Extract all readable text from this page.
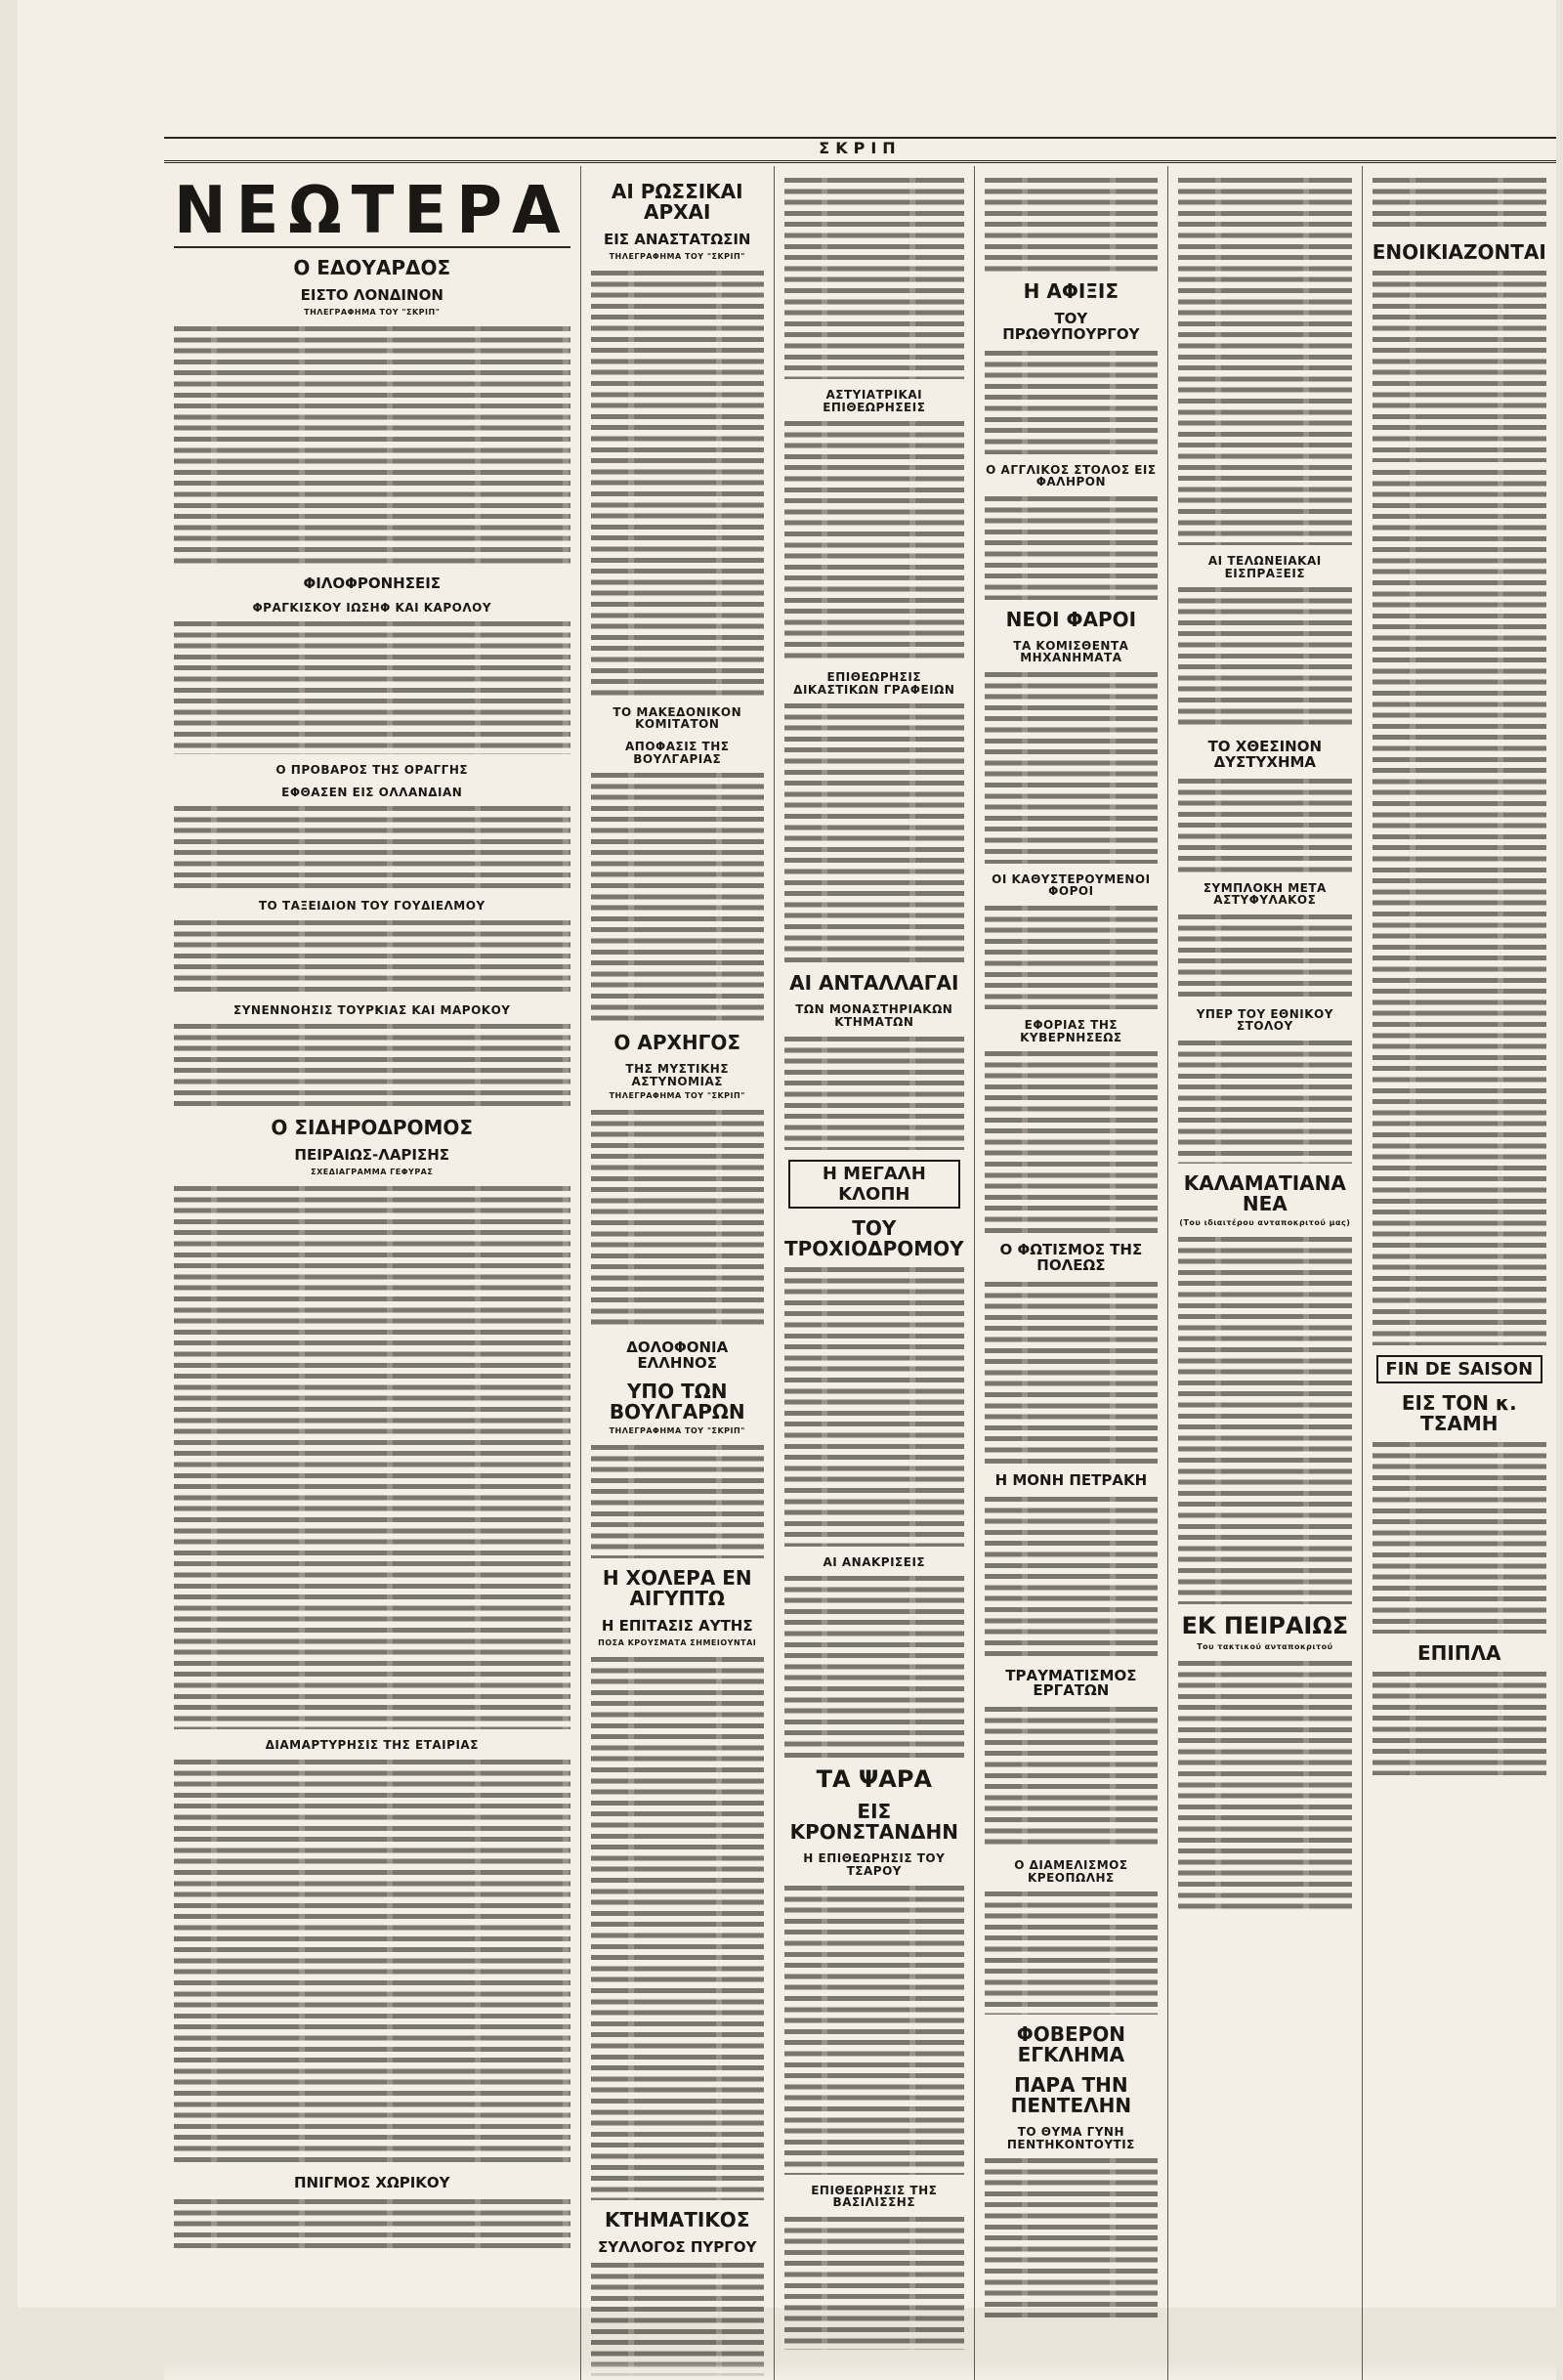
ΣΚΡΙΠ
ΝΕΩΤΕΡΑ
Ο ΕΔΟΥΑΡΔΟΣ
ΕΙΣΤΟ ΛΟΝΔΙΝΟΝ
ΤΗΛΕΓΡΑΦΗΜΑ ΤΟΥ "ΣΚΡΙΠ"
ΦΙΛΟΦΡΟΝΗΣΕΙΣ
ΦΡΑΓΚΙΣΚΟΥ ΙΩΣΗΦ ΚΑΙ ΚΑΡΟΛΟΥ
Ο ΠΡΟΒΑΡΟΣ ΤΗΣ ΟΡΑΓΓΗΣ
ΕΦΘΑΣΕΝ ΕΙΣ ΟΛΛΑΝΔΙΑΝ
ΤΟ ΤΑΞΕΙΔΙΟΝ ΤΟΥ ΓΟΥΔΙΕΛΜΟΥ
ΣΥΝΕΝΝΟΗΣΙΣ ΤΟΥΡΚΙΑΣ ΚΑΙ ΜΑΡΟΚΟΥ
Ο ΣΙΔΗΡΟΔΡΟΜΟΣ
ΠΕΙΡΑΙΩΣ-ΛΑΡΙΣΗΣ
ΣΧΕΔΙΑΓΡΑΜΜΑ ΓΕΦΥΡΑΣ
ΔΙΑΜΑΡΤΥΡΗΣΙΣ ΤΗΣ ΕΤΑΙΡΙΑΣ
ΠΝΙΓΜΟΣ ΧΩΡΙΚΟΥ
ΑΙ ΡΩΣΣΙΚΑΙ ΑΡΧΑΙ
ΕΙΣ ΑΝΑΣΤΑΤΩΣΙΝ
ΤΗΛΕΓΡΑΦΗΜΑ ΤΟΥ "ΣΚΡΙΠ"
ΤΟ ΜΑΚΕΔΟΝΙΚΟΝ ΚΟΜΙΤΑΤΟΝ
ΑΠΟΦΑΣΙΣ ΤΗΣ ΒΟΥΛΓΑΡΙΑΣ
Ο ΑΡΧΗΓΟΣ
ΤΗΣ ΜΥΣΤΙΚΗΣ ΑΣΤΥΝΟΜΙΑΣ
ΤΗΛΕΓΡΑΦΗΜΑ ΤΟΥ "ΣΚΡΙΠ"
ΔΟΛΟΦΟΝΙΑ ΕΛΛΗΝΟΣ
ΥΠΟ ΤΩΝ ΒΟΥΛΓΑΡΩΝ
ΤΗΛΕΓΡΑΦΗΜΑ ΤΟΥ "ΣΚΡΙΠ"
Η ΧΟΛΕΡΑ ΕΝ ΑΙΓΥΠΤΩ
Η ΕΠΙΤΑΣΙΣ ΑΥΤΗΣ
ΠΟΣΑ ΚΡΟΥΣΜΑΤΑ ΣΗΜΕΙΟΥΝΤΑΙ
ΚΤΗΜΑΤΙΚΟΣ
ΣΥΛΛΟΓΟΣ ΠΥΡΓΟΥ
ΑΣΤΥΙΑΤΡΙΚΑΙ ΕΠΙΘΕΩΡΗΣΕΙΣ
ΕΠΙΘΕΩΡΗΣΙΣ ΔΙΚΑΣΤΙΚΩΝ ΓΡΑΦΕΙΩΝ
ΑΙ ΑΝΤΑΛΛΑΓΑΙ
ΤΩΝ ΜΟΝΑΣΤΗΡΙΑΚΩΝ ΚΤΗΜΑΤΩΝ
Η ΜΕΓΑΛΗ ΚΛΟΠΗ
ΤΟΥ ΤΡΟΧΙΟΔΡΟΜΟΥ
ΑΙ ΑΝΑΚΡΙΣΕΙΣ
ΤΑ ΨΑΡΑ
ΕΙΣ ΚΡΟΝΣΤΑΝΔΗΝ
Η ΕΠΙΘΕΩΡΗΣΙΣ ΤΟΥ ΤΣΑΡΟΥ
ΕΠΙΘΕΩΡΗΣΙΣ ΤΗΣ ΒΑΣΙΛΙΣΣΗΣ
Η ΑΦΙΞΙΣ
ΤΟΥ ΠΡΩΘΥΠΟΥΡΓΟΥ
Ο ΑΓΓΛΙΚΟΣ ΣΤΟΛΟΣ ΕΙΣ ΦΑΛΗΡΟΝ
ΝΕΟΙ ΦΑΡΟΙ
ΤΑ ΚΟΜΙΣΘΕΝΤΑ ΜΗΧΑΝΗΜΑΤΑ
ΟΙ ΚΑΘΥΣΤΕΡΟΥΜΕΝΟΙ ΦΟΡΟΙ
ΕΦΟΡΙΑΣ ΤΗΣ ΚΥΒΕΡΝΗΣΕΩΣ
Ο ΦΩΤΙΣΜΟΣ ΤΗΣ ΠΟΛΕΩΣ
Η ΜΟΝΗ ΠΕΤΡΑΚΗ
ΤΡΑΥΜΑΤΙΣΜΟΣ ΕΡΓΑΤΩΝ
Ο ΔΙΑΜΕΛΙΣΜΟΣ ΚΡΕΟΠΩΛΗΣ
ΦΟΒΕΡΟΝ ΕΓΚΛΗΜΑ
ΠΑΡΑ ΤΗΝ ΠΕΝΤΕΛΗΝ
ΤΟ ΘΥΜΑ ΓΥΝΗ ΠΕΝΤΗΚΟΝΤΟΥΤΙΣ
ΑΙ ΤΕΛΩΝΕΙΑΚΑΙ ΕΙΣΠΡΑΞΕΙΣ
ΤΟ ΧΘΕΣΙΝΟΝ ΔΥΣΤΥΧΗΜΑ
ΣΥΜΠΛΟΚΗ ΜΕΤΑ ΑΣΤΥΦΥΛΑΚΟΣ
ΥΠΕΡ ΤΟΥ ΕΘΝΙΚΟΥ ΣΤΟΛΟΥ
ΚΑΛΑΜΑΤΙΑΝΑ ΝΕΑ
(Του ιδιαιτέρου ανταποκριτού μας)
ΕΚ ΠΕΙΡΑΙΩΣ
Του τακτικού ανταποκριτού
ΕΝΟΙΚΙΑΖΟΝΤΑΙ
FIN DE SAISON
ΕΙΣ ΤΟΝ κ. ΤΣΑΜΗ
ΕΠΙΠΛΑ
